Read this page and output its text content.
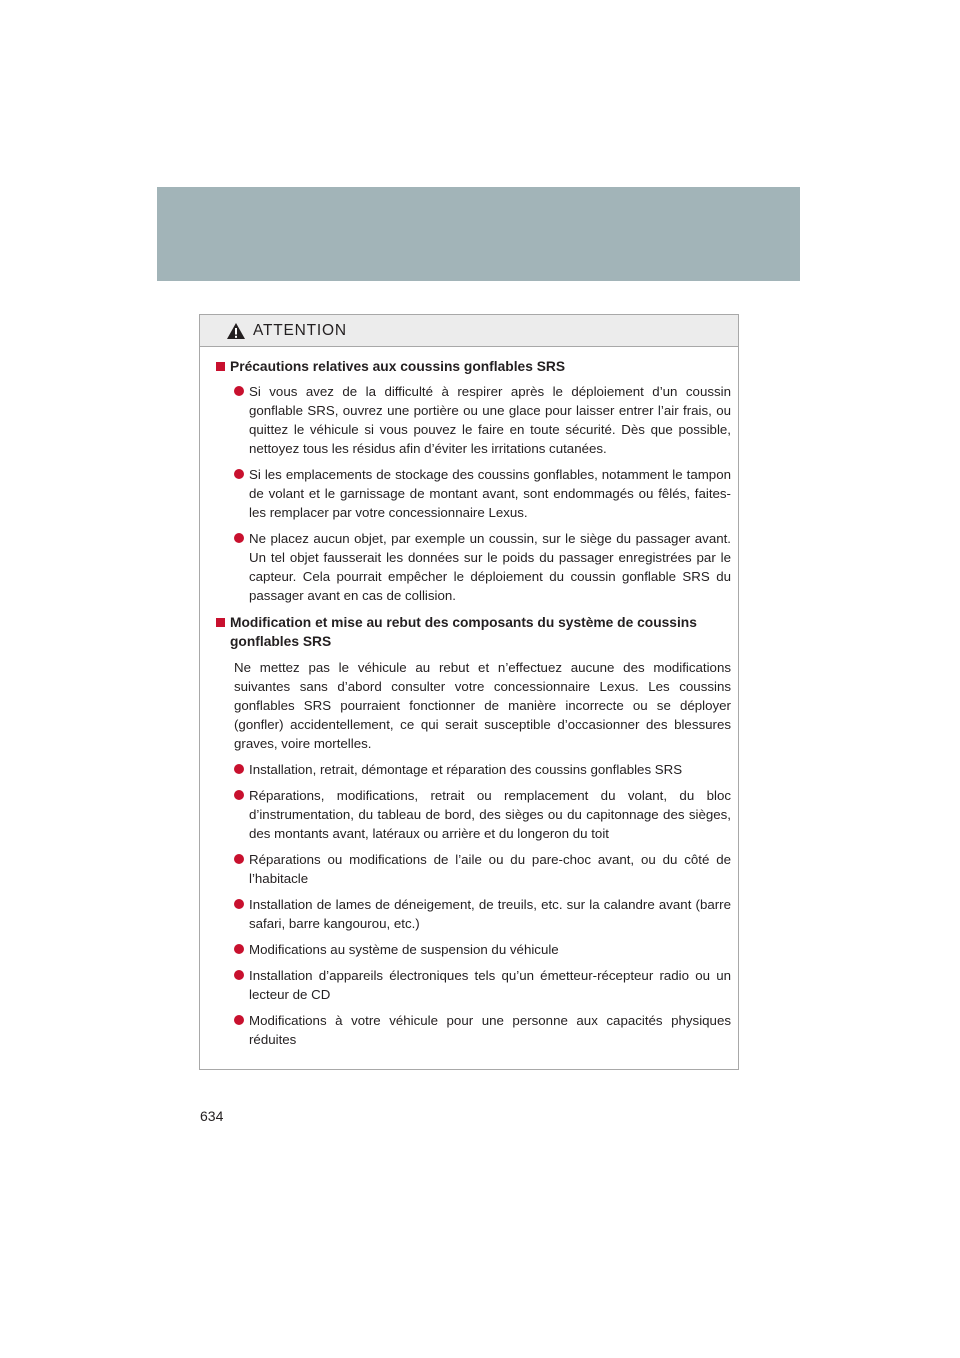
ATTENTION
Précautions relatives aux coussins gonflables SRS
Si vous avez de la difficulté à respirer après le déploiement d’un coussin gonflable SRS, ouvrez une portière ou une glace pour laisser entrer l’air frais, ou quittez le véhicule si vous pouvez le faire en toute sécurité. Dès que possible, nettoyez tous les résidus afin d’éviter les irritations cutanées.
Si les emplacements de stockage des coussins gonflables, notamment le tampon de volant et le garnissage de montant avant, sont endommagés ou fêlés, faites-les remplacer par votre concessionnaire Lexus.
Ne placez aucun objet, par exemple un coussin, sur le siège du passager avant. Un tel objet fausserait les données sur le poids du passager enregistrées par le capteur. Cela pourrait empêcher le déploiement du coussin gonflable SRS du passager avant en cas de collision.
Modification et mise au rebut des composants du système de coussins gonflables SRS

Ne mettez pas le véhicule au rebut et n’effectuez aucune des modifications suivantes sans d’abord consulter votre concessionnaire Lexus. Les coussins gonflables SRS pourraient fonctionner de manière incorrecte ou se déployer (gonfler) accidentellement, ce qui serait susceptible d’occasionner des blessures graves, voire mortelles.

Installation, retrait, démontage et réparation des coussins gonflables SRS
Réparations, modifications, retrait ou remplacement du volant, du bloc d’instrumentation, du tableau de bord, des sièges ou du capitonnage des sièges, des montants avant, latéraux ou arrière et du longeron du toit
Réparations ou modifications de l’aile ou du pare-choc avant, ou du côté de l’habitacle
Installation de lames de déneigement, de treuils, etc. sur la calandre avant (barre safari, barre kangourou, etc.)
Modifications au système de suspension du véhicule
Installation d’appareils électroniques tels qu’un émetteur-récepteur radio ou un lecteur de CD
Modifications à votre véhicule pour une personne aux capacités physiques réduites
634
